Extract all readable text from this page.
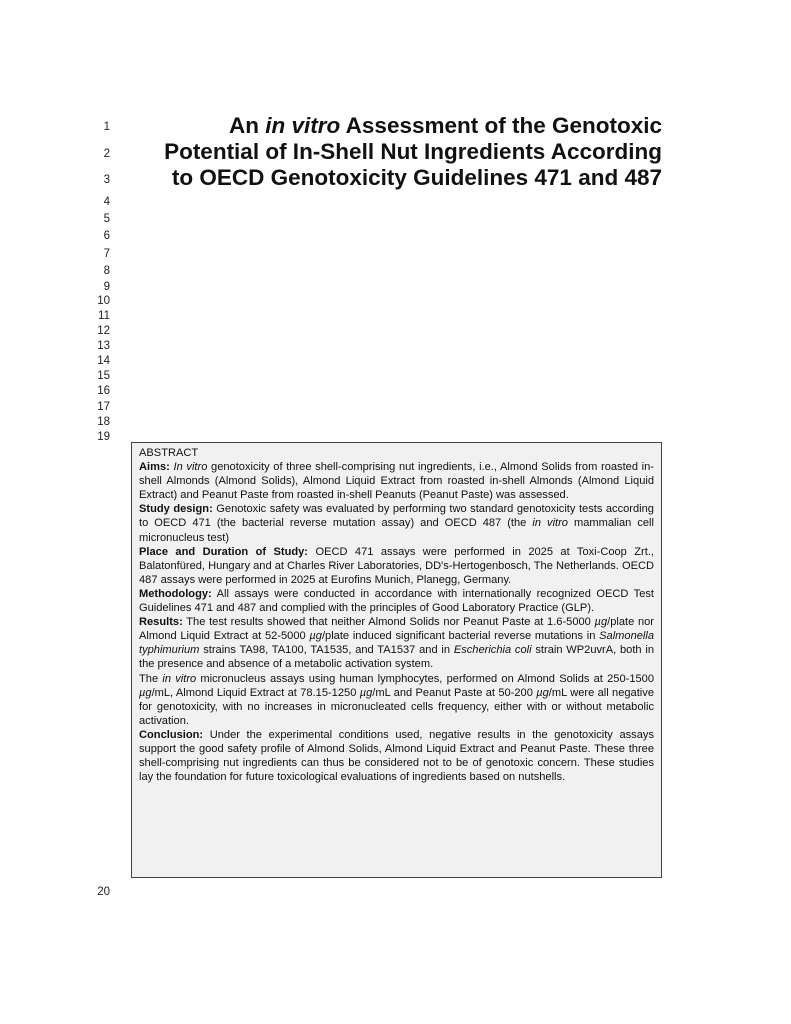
1
2
3
4
5
6
7
8
9
10
11
12
13
14
15
16
17
18
19
20
An in vitro Assessment of the Genotoxic
Potential of In-Shell Nut Ingredients According
to OECD Genotoxicity Guidelines 471 and 487

ABSTRACT

Aims: In vitro genotoxicity of three shell-comprising nut ingredients, i.e., Almond Solids from roasted in-shell Almonds (Almond Solids), Almond Liquid Extract from roasted in-shell Almonds (Almond Liquid Extract) and Peanut Paste from roasted in-shell Peanuts (Peanut Paste) was assessed.

Study design: Genotoxic safety was evaluated by performing two standard genotoxicity tests according to OECD 471 (the bacterial reverse mutation assay) and OECD 487 (the in vitro mammalian cell micronucleus test)

Place and Duration of Study: OECD 471 assays were performed in 2025 at Toxi-Coop Zrt., Balatonfüred, Hungary and at Charles River Laboratories, DD's-Hertogenbosch, The Netherlands. OECD 487 assays were performed in 2025 at Eurofins Munich, Planegg, Germany.

Methodology: All assays were conducted in accordance with internationally recognized OECD Test Guidelines 471 and 487 and complied with the principles of Good Laboratory Practice (GLP).

Results: The test results showed that neither Almond Solids nor Peanut Paste at 1.6-5000 µg/plate nor Almond Liquid Extract at 52-5000 µg/plate induced significant bacterial reverse mutations in Salmonella typhimurium strains TA98, TA100, TA1535, and TA1537 and in Escherichia coli strain WP2uvrA, both in the presence and absence of a metabolic activation system.

The in vitro micronucleus assays using human lymphocytes, performed on Almond Solids at 250-1500 µg/mL, Almond Liquid Extract at 78.15-1250 µg/mL and Peanut Paste at 50-200 µg/mL were all negative for genotoxicity, with no increases in micronucleated cells frequency, either with or without metabolic activation.

Conclusion: Under the experimental conditions used, negative results in the genotoxicity assays support the good safety profile of Almond Solids, Almond Liquid Extract and Peanut Paste. These three shell-comprising nut ingredients can thus be considered not to be of genotoxic concern. These studies lay the foundation for future toxicological evaluations of ingredients based on nutshells.
